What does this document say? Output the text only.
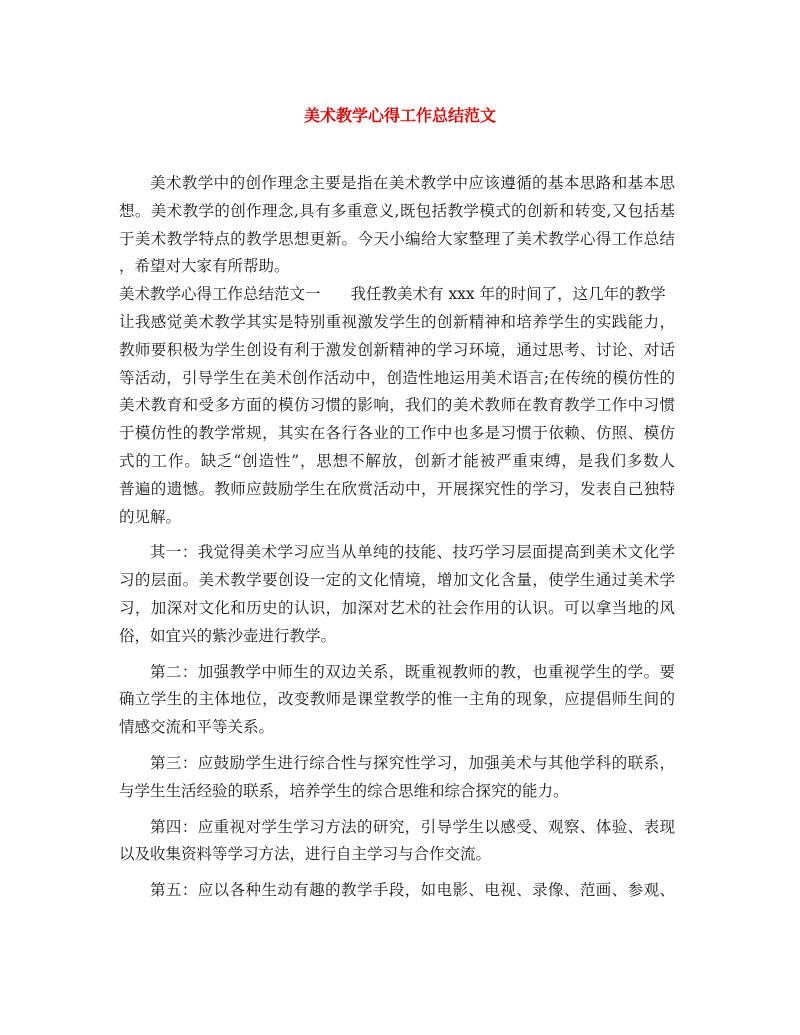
美术教学心得工作总结范文
美术教学中的创作理念主要是指在美术教学中应该遵循的基本思路和基本思
想。美术教学的创作理念,具有多重意义,既包括教学模式的创新和转变,又包括基
于美术教学特点的教学思想更新。今天小编给大家整理了美术教学心得工作总结
，希望对大家有所帮助。
美术教学心得工作总结范文一 我任教美术有 xxx 年的时间了，这几年的教学
让我感觉美术教学其实是特别重视激发学生的创新精神和培养学生的实践能力，
教师要积极为学生创设有利于激发创新精神的学习环境，通过思考、讨论、对话
等活动，引导学生在美术创作活动中，创造性地运用美术语言;在传统的模仿性的
美术教育和受多方面的模仿习惯的影响，我们的美术教师在教育教学工作中习惯
于模仿性的教学常规，其实在各行各业的工作中也多是习惯于依赖、仿照、模仿
式的工作。缺乏“创造性”，思想不解放，创新才能被严重束缚，是我们多数人
普遍的遗憾。教师应鼓励学生在欣赏活动中，开展探究性的学习，发表自己独特
的见解。
其一：我觉得美术学习应当从单纯的技能、技巧学习层面提高到美术文化学
习的层面。美术教学要创设一定的文化情境，增加文化含量，使学生通过美术学
习，加深对文化和历史的认识，加深对艺术的社会作用的认识。可以拿当地的风
俗，如宜兴的紫沙壶进行教学。
第二：加强教学中师生的双边关系，既重视教师的教，也重视学生的学。要
确立学生的主体地位，改变教师是课堂教学的惟一主角的现象，应提倡师生间的
情感交流和平等关系。
第三：应鼓励学生进行综合性与探究性学习，加强美术与其他学科的联系，
与学生生活经验的联系，培养学生的综合思维和综合探究的能力。
第四：应重视对学生学习方法的研究，引导学生以感受、观察、体验、表现
以及收集资料等学习方法，进行自主学习与合作交流。
第五：应以各种生动有趣的教学手段，如电影、电视、录像、范画、参观、
